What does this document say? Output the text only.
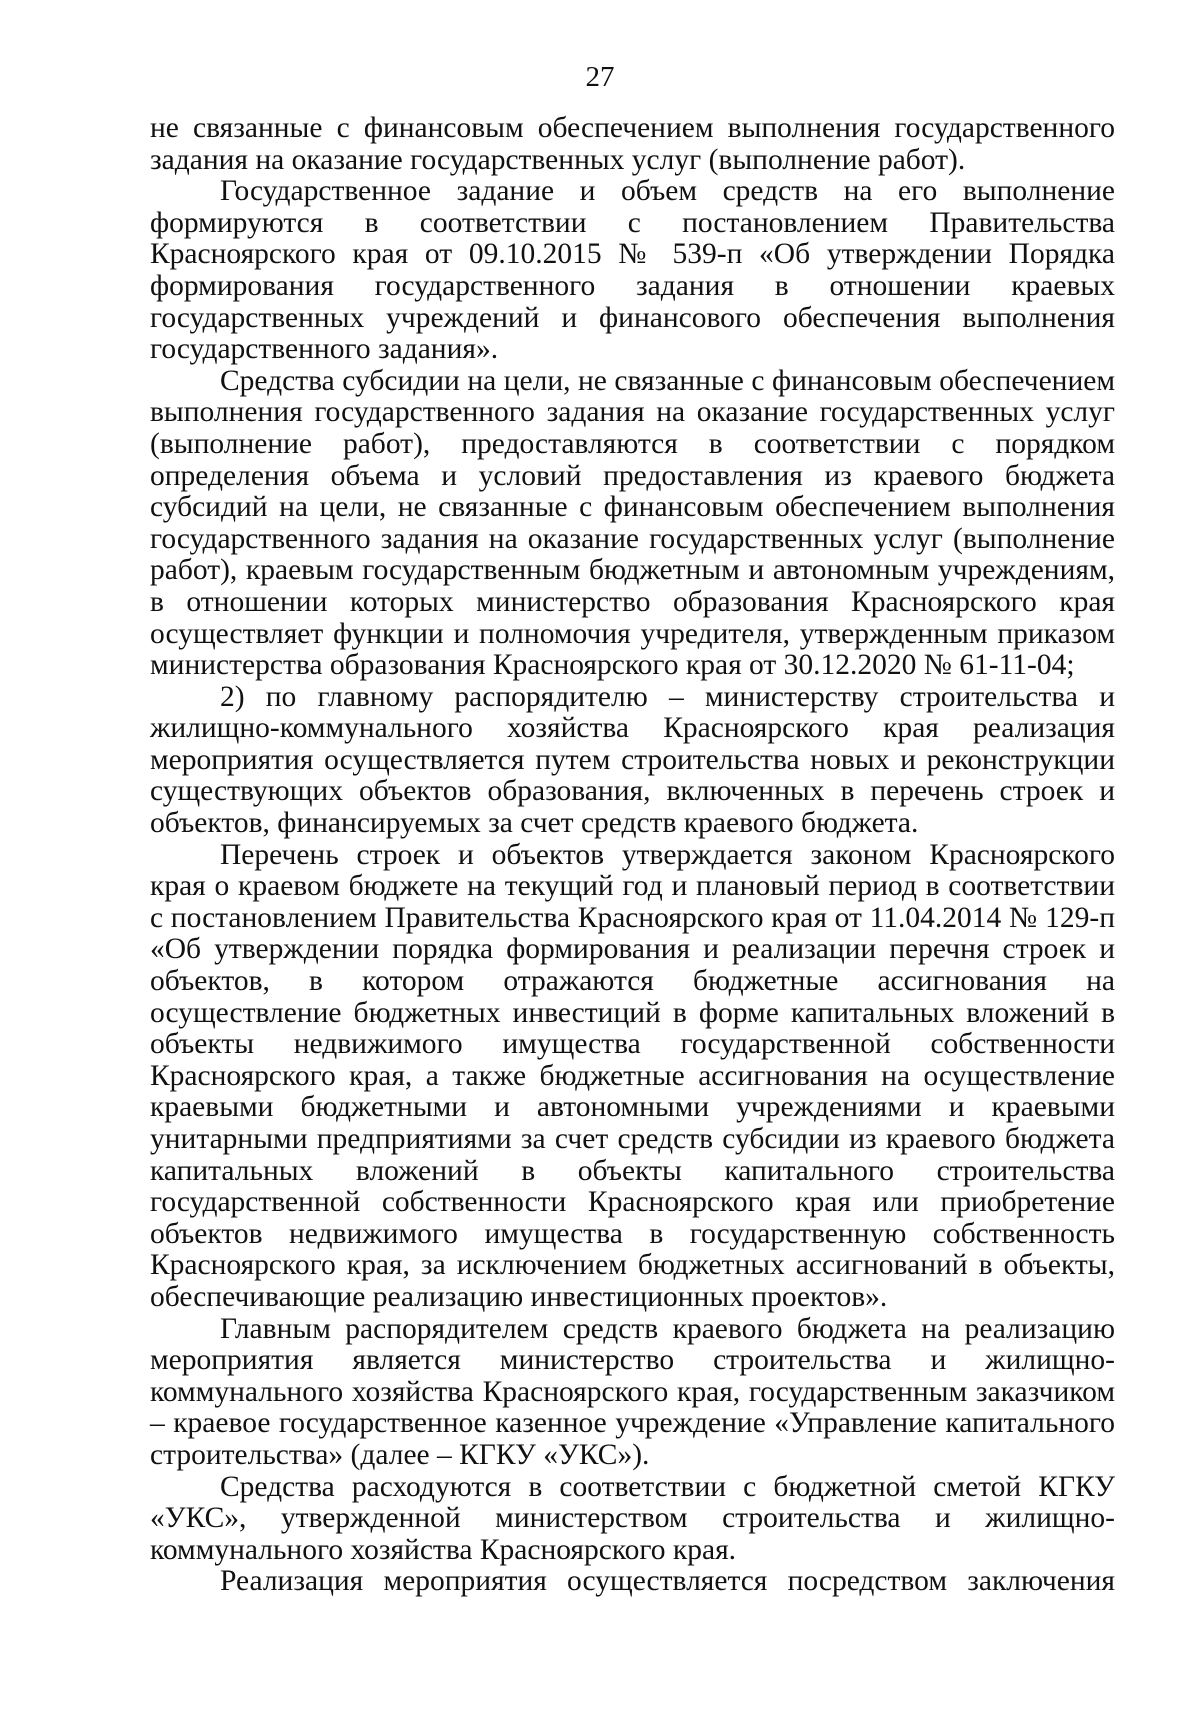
27

не связанные с финансовым обеспечением выполнения государственного задания на оказание государственных услуг (выполнение работ).

Государственное задание и объем средств на его выполнение формируются в соответствии с постановлением Правительства Красноярского края от 09.10.2015 № 539-п «Об утверждении Порядка формирования государственного задания в отношении краевых государственных учреждений и финансового обеспечения выполнения государственного задания».

Средства субсидии на цели, не связанные с финансовым обеспечением выполнения государственного задания на оказание государственных услуг (выполнение работ), предоставляются в соответствии с порядком определения объема и условий предоставления из краевого бюджета субсидий на цели, не связанные с финансовым обеспечением выполнения государственного задания на оказание государственных услуг (выполнение работ), краевым государственным бюджетным и автономным учреждениям, в отношении которых министерство образования Красноярского края осуществляет функции и полномочия учредителя, утвержденным приказом министерства образования Красноярского края от 30.12.2020 № 61-11-04;

2) по главному распорядителю – министерству строительства и жилищно-коммунального хозяйства Красноярского края реализация мероприятия осуществляется путем строительства новых и реконструкции существующих объектов образования, включенных в перечень строек и объектов, финансируемых за счет средств краевого бюджета.

Перечень строек и объектов утверждается законом Красноярского края о краевом бюджете на текущий год и плановый период в соответствии с постановлением Правительства Красноярского края от 11.04.2014 № 129-п «Об утверждении порядка формирования и реализации перечня строек и объектов, в котором отражаются бюджетные ассигнования на осуществление бюджетных инвестиций в форме капитальных вложений в объекты недвижимого имущества государственной собственности Красноярского края, а также бюджетные ассигнования на осуществление краевыми бюджетными и автономными учреждениями и краевыми унитарными предприятиями за счет средств субсидии из краевого бюджета капитальных вложений в объекты капитального строительства государственной собственности Красноярского края или приобретение объектов недвижимого имущества в государственную собственность Красноярского края, за исключением бюджетных ассигнований в объекты, обеспечивающие реализацию инвестиционных проектов».

Главным распорядителем средств краевого бюджета на реализацию мероприятия является министерство строительства и жилищно-коммунального хозяйства Красноярского края, государственным заказчиком – краевое государственное казенное учреждение «Управление капитального строительства» (далее – КГКУ «УКС»).

Средства расходуются в соответствии с бюджетной сметой КГКУ «УКС», утвержденной министерством строительства и жилищно-коммунального хозяйства Красноярского края.

Реализация мероприятия осуществляется посредством заключения
